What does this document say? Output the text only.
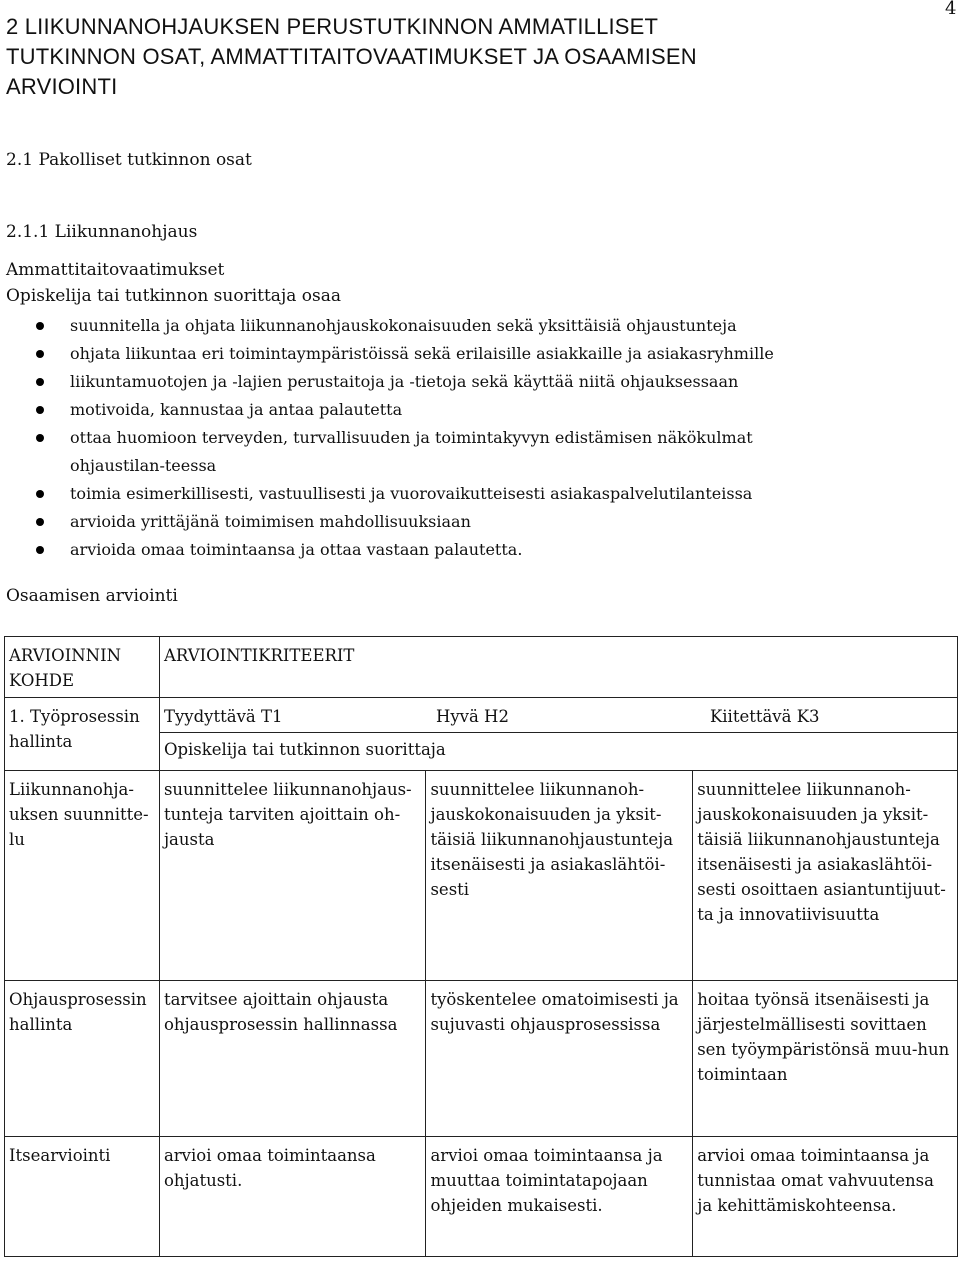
4
2 LIIKUNNANOHJAUKSEN PERUSTUTKINNON AMMATILLISET
TUTKINNON OSAT, AMMATTITAITOVAATIMUKSET JA OSAAMISEN
ARVIOINTI
2.1 Pakolliset tutkinnon osat
2.1.1 Liikunnanohjaus
Ammattitaitovaatimukset
Opiskelija tai tutkinnon suorittaja osaa
suunnitella ja ohjata liikunnanohjauskokonaisuuden sekä yksittäisiä ohjaustunteja
ohjata liikuntaa eri toimintaympäristöissä sekä erilaisille asiakkaille ja asiakasryhmille
liikuntamuotojen ja -lajien perustaitoja ja -tietoja sekä käyttää niitä ohjauksessaan
motivoida, kannustaa ja antaa palautetta
ottaa huomioon terveyden, turvallisuuden ja toimintakyvyn edistämisen näkökulmat ohjaustilan-teessa
toimia esimerkillisesti, vastuullisesti ja vuorovaikutteisesti asiakaspalvelutilanteissa
arvioida yrittäjänä toimimisen mahdollisuuksiaan
arvioida omaa toimintaansa ja ottaa vastaan palautetta.
Osaamisen arviointi
ARVIOINNIN KOHDE	ARVIOINTIKRITEERIT		
1. Työprosessin hallinta	Tyydyttävä T1 Hyvä H2 Kiitettävä K3
Opiskelija tai tutkinnon suorittaja		

Liikunnanohja-uksen suunnitte-lu	suunnittelee liikunnanohjaus-tunteja tarviten ajoittain oh-jausta	suunnittelee liikunnanoh-jauskokonaisuuden ja yksit-täisiä liikunnanohjaustunteja itsenäisesti ja asiakaslähtöi-sesti	suunnittelee liikunnanoh-jauskokonaisuuden ja yksit-täisiä liikunnanohjaustunteja itsenäisesti ja asiakaslähtöi-sesti osoittaen asiantuntijuut-ta ja innovatiivisuutta
Ohjausprosessin hallinta	tarvitsee ajoittain ohjausta ohjausprosessin hallinnassa	työskentelee omatoimisesti ja sujuvasti ohjausprosessissa	hoitaa työnsä itsenäisesti ja järjestelmällisesti sovittaen sen työympäristönsä muu-hun toimintaan
Itsearviointi	arvioi omaa toimintaansa ohjatusti.	arvioi omaa toimintaansa ja muuttaa toimintatapojaan ohjeiden mukaisesti.	arvioi omaa toimintaansa ja tunnistaa omat vahvuutensa ja kehittämiskohteensa.
